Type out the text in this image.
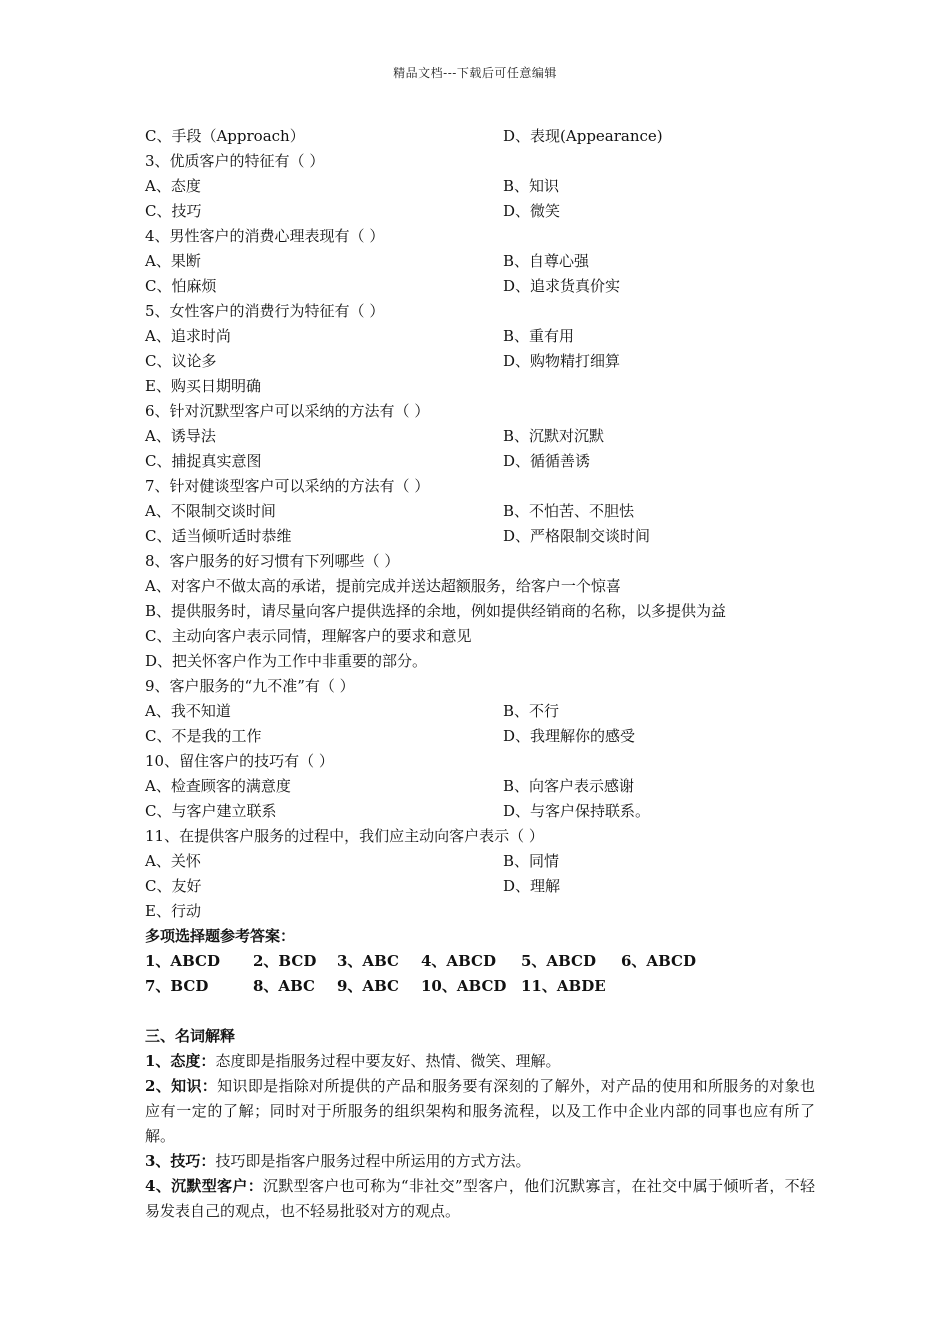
精品文档---下载后可任意编辑
C、手段（Approach）	D、表现(Appearance)
3、优质客户的特征有（ ）
A、态度	B、知识
C、技巧	D、微笑
4、男性客户的消费心理表现有（ ）
A、果断	B、自尊心强
C、怕麻烦	D、追求货真价实
5、女性客户的消费行为特征有（ ）
A、追求时尚	B、重有用
C、议论多	D、购物精打细算
E、购买日期明确
6、针对沉默型客户可以采纳的方法有（ ）
A、诱导法	B、沉默对沉默
C、捕捉真实意图	D、循循善诱
7、针对健谈型客户可以采纳的方法有（ ）
A、不限制交谈时间	B、不怕苦、不胆怯
C、适当倾听适时恭维	D、严格限制交谈时间
8、客户服务的好习惯有下列哪些（ ）
A、对客户不做太高的承诺，提前完成并送达超额服务，给客户一个惊喜
B、提供服务时，请尽量向客户提供选择的余地，例如提供经销商的名称，以多提供为益
C、主动向客户表示同情，理解客户的要求和意见
D、把关怀客户作为工作中非重要的部分。
9、客户服务的“九不准”有（ ）
A、我不知道	B、不行
C、不是我的工作	D、我理解你的感受
10、留住客户的技巧有（ ）
A、检查顾客的满意度	B、向客户表示感谢
C、与客户建立联系	D、与客户保持联系。
11、在提供客户服务的过程中，我们应主动向客户表示（ ）
A、关怀	B、同情
C、友好	D、理解
E、行动
多项选择题参考答案：
1、ABCD	2、BCD	3、ABC	4、ABCD	5、ABCD	6、ABCD
7、BCD	8、ABC	9、ABC	10、ABCD 11、ABDE
三、名词解释
1、态度：态度即是指服务过程中要友好、热情、微笑、理解。
2、知识：知识即是指除对所提供的产品和服务要有深刻的了解外，对产品的使用和所服务的对象也应有一定的了解；同时对于所服务的组织架构和服务流程，以及工作中企业内部的同事也应有所了解。
3、技巧：技巧即是指客户服务过程中所运用的方式方法。
4、沉默型客户：沉默型客户也可称为“非社交”型客户，他们沉默寡言，在社交中属于倾听者，不轻易发表自己的观点，也不轻易批驳对方的观点。
